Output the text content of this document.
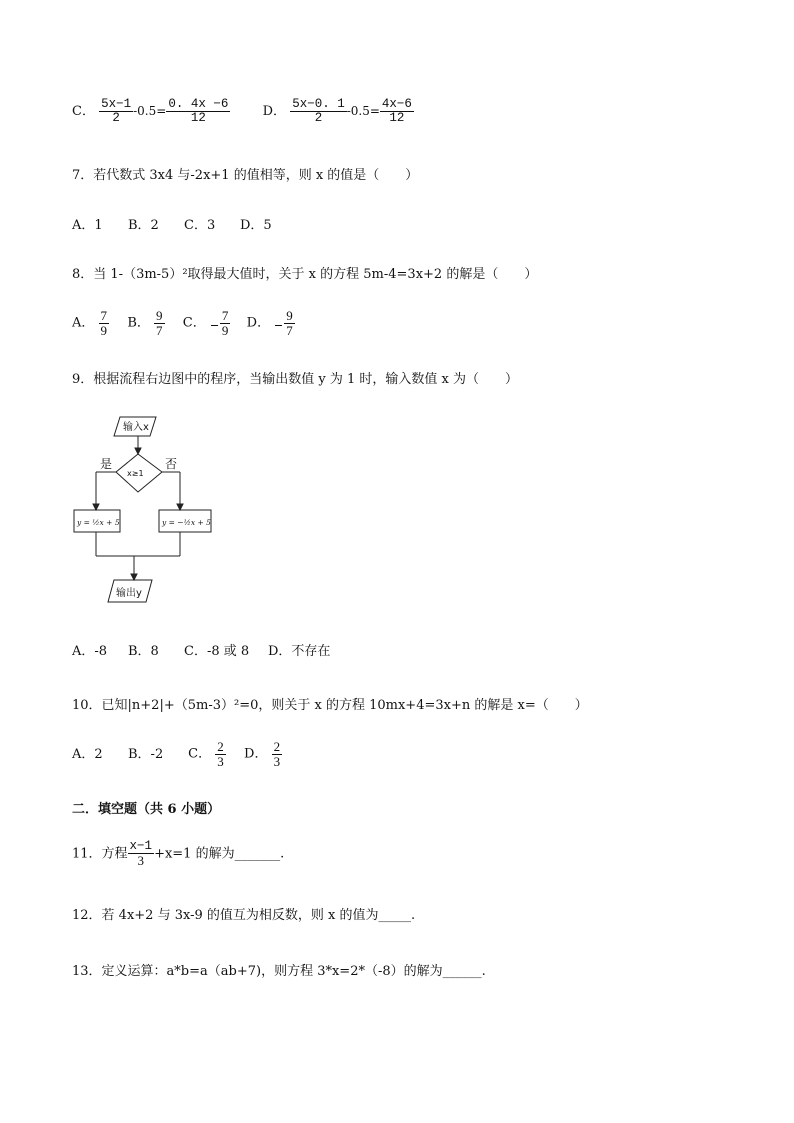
C． $\frac{5x-1}{2} -0.5= \frac{0. 4x -6}{12}$ D． $\frac{5x-0. 1}{2} -0.5= \frac{4x-6}{12}$
7．若代数式 3x4 与-2x+1 的值相等，则 x 的值是（　　）
A．1 B．2 C．3 D．5
8．当 1-（3m-5）²取得最大值时，关于 x 的方程 5m-4=3x+2 的解是（　　）
A． $\frac{7}{9}$ B． $\frac{9}{7}$ C． $\frac{7}{9}$ D． $\frac{9}{7}$
9．根据流程右边图中的程序，当输出数值 y 为 1 时，输入数值 x 为（　　）
输入x
x≥1
是	否
y = ½x + 5	y = −½x + 5
输出y
A．-8 B．8 C．-8 或 8 D．不存在
10．已知|n+2|+（5m-3）²=0，则关于 x 的方程 10mx+4=3x+n 的解是 x=（　　）
A．2 B．-2 C． $\frac{2}{3}$ D． $\frac{2}{3}$
二．填空题（共 6 小题）
11．方程 $\frac{x-1}{3} +x=1$ 的解为_______.
12．若 4x+2 与 3x-9 的值互为相反数，则 x 的值为_____.
13．定义运算：a*b=a（ab+7)，则方程 3*x=2*（-8）的解为______.
